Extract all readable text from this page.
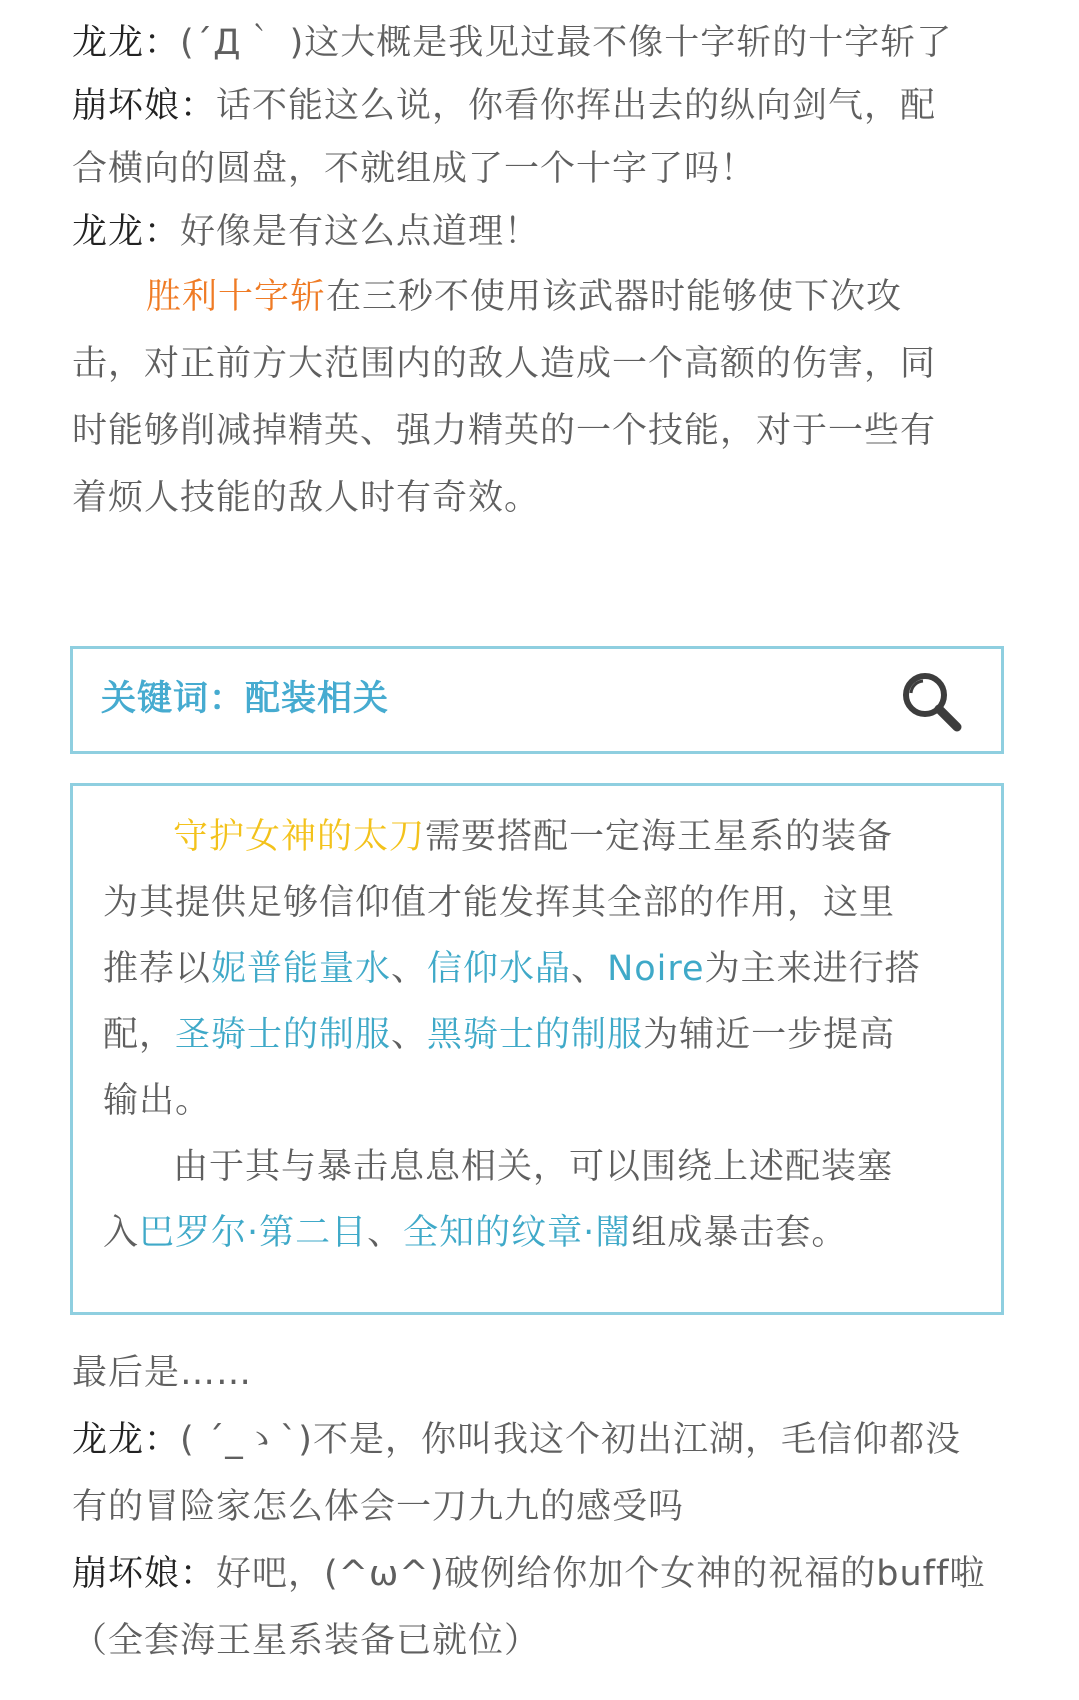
龙龙：(´Д｀ )这大概是我见过最不像十字斩的十字斩了
崩坏娘：话不能这么说，你看你挥出去的纵向剑气，配
合横向的圆盘，不就组成了一个十字了吗！
龙龙：好像是有这么点道理！
胜利十字斩在三秒不使用该武器时能够使下次攻
击，对正前方大范围内的敌人造成一个高额的伤害，同
时能够削减掉精英、强力精英的一个技能，对于一些有
着烦人技能的敌人时有奇效。
关键词：配装相关
守护女神的太刀需要搭配一定海王星系的装备
为其提供足够信仰值才能发挥其全部的作用，这里
推荐以妮普能量水、信仰水晶、Noire为主来进行搭
配，圣骑士的制服、黑骑士的制服为辅近一步提高
输出。
由于其与暴击息息相关，可以围绕上述配装塞
入巴罗尔·第二目、全知的纹章·闇组成暴击套。
最后是……
龙龙：( ´_ゝ`)不是，你叫我这个初出江湖，毛信仰都没
有的冒险家怎么体会一刀九九的感受吗
崩坏娘：好吧，(^ω^)破例给你加个女神的祝福的buff啦
（全套海王星系装备已就位）
